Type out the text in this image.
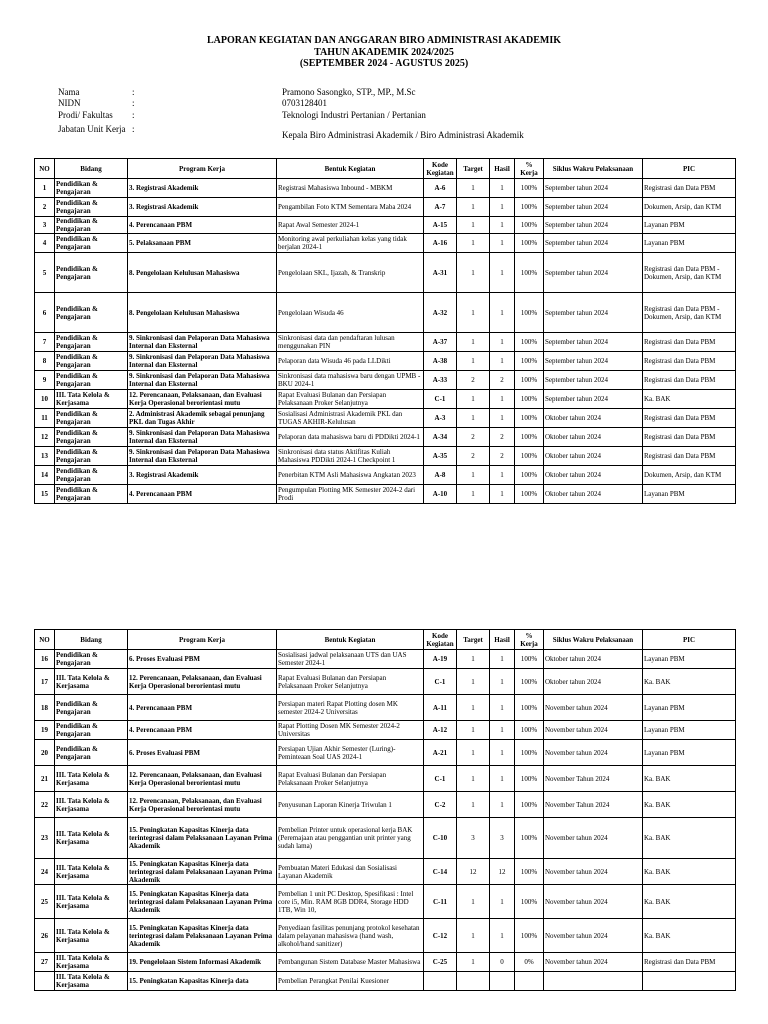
LAPORAN KEGIATAN DAN ANGGARAN BIRO ADMINISTRASI AKADEMIK
TAHUN AKADEMIK 2024/2025
(SEPTEMBER 2024 - AGUSTUS 2025)
Nama	:	Pramono Sasongko, STP., MP., M.Sc
NIDN	:	0703128401
Prodi/ Fakultas	:	Teknologi Industri Pertanian / Pertanian
Jabatan Unit Kerja :
Kepala Biro Administrasi Akademik / Biro Administrasi Akademik
NO	Bidang	Program Kerja	Bentuk Kegiatan	Kode Kegiatan	Target	Hasil	% Kerja	Siklus Wakru Pelaksanaan	PIC
1	Pendidikan & Pengajaran	3. Registrasi Akademik	Registrasi Mahasiswa Inbound - MBKM	A-6	1	1	100%	September tahun 2024	Registrasi dan Data PBM
2	Pendidikan & Pengajaran	3. Registrasi Akademik	Pengambilan Foto KTM Sementara Maba 2024	A-7	1	1	100%	September tahun 2024	Dokumen, Arsip, dan KTM
3	Pendidikan & Pengajaran	4. Perencanaan PBM	Rapat Awal Semester 2024-1	A-15	1	1	100%	September tahun 2024	Layanan PBM
4	Pendidikan & Pengajaran	5. Pelaksanaan PBM	Monitoring awal perkuliahan kelas yang tidak berjalan 2024-1	A-16	1	1	100%	September tahun 2024	Layanan PBM
5	Pendidikan & Pengajaran	8. Pengelolaan Kelulusan Mahasiswa	Pengelolaan SKL, Ijazah, & Transkrip	A-31	1	1	100%	September tahun 2024	Registrasi dan Data PBM - Dokumen, Arsip, dan KTM
6	Pendidikan & Pengajaran	8. Pengelolaan Kelulusan Mahasiswa	Pengelolaan Wisuda 46	A-32	1	1	100%	September tahun 2024	Registrasi dan Data PBM - Dokumen, Arsip, dan KTM
7	Pendidikan & Pengajaran	9. Sinkronisasi dan Pelaporan Data Mahasiswa Internal dan Eksternal	Sinkronisasi data dan pendaftaran lulusan menggunakan PIN	A-37	1	1	100%	September tahun 2024	Registrasi dan Data PBM
8	Pendidikan & Pengajaran	9. Sinkronisasi dan Pelaporan Data Mahasiswa Internal dan Eksternal	Pelaporan data Wisuda 46 pada LLDikti	A-38	1	1	100%	September tahun 2024	Registrasi dan Data PBM
9	Pendidikan & Pengajaran	9. Sinkronisasi dan Pelaporan Data Mahasiswa Internal dan Eksternal	Sinkronisasi data mahasiswa baru dengan UPMB - BKU 2024-1	A-33	2	2	100%	September tahun 2024	Registrasi dan Data PBM
10	III. Tata Kelola & Kerjasama	12. Perencanaan, Pelaksanaan, dan Evaluasi Kerja Operasional berorientasi mutu	Rapat Evaluasi Bulanan dan Persiapan Pelaksanaan Proker Selanjutnya	C-1	1	1	100%	September tahun 2024	Ka. BAK
11	Pendidikan & Pengajaran	2. Administrasi Akademik sebagai penunjang PKL dan Tugas Akhir	Sosialisasi Administrasi Akademik PKL dan TUGAS AKHIR-Kelulusan	A-3	1	1	100%	Oktober tahun 2024	Registrasi dan Data PBM
12	Pendidikan & Pengajaran	9. Sinkronisasi dan Pelaporan Data Mahasiswa Internal dan Eksternal	Pelaporan data mahasiswa baru di PDDikti 2024-1	A-34	2	2	100%	Oktober tahun 2024	Registrasi dan Data PBM
13	Pendidikan & Pengajaran	9. Sinkronisasi dan Pelaporan Data Mahasiswa Internal dan Eksternal	Sinkronisasi data status Aktifitas Kuliah Mahasiswa PDDikti 2024-1 Checkpoint 1	A-35	2	2	100%	Oktober tahun 2024	Registrasi dan Data PBM
14	Pendidikan & Pengajaran	3. Registrasi Akademik	Penerbitan KTM Asli Mahasiswa Angkatan 2023	A-8	1	1	100%	Oktober tahun 2024	Dokumen, Arsip, dan KTM
15	Pendidikan & Pengajaran	4. Perencanaan PBM	Pengumpulan Plotting MK Semester 2024-2 dari Prodi	A-10	1	1	100%	Oktober tahun 2024	Layanan PBM
NO	Bidang	Program Kerja	Bentuk Kegiatan	Kode Kegiatan	Target	Hasil	% Kerja	Siklus Wakru Pelaksanaan	PIC
16	Pendidikan & Pengajaran	6. Proses Evaluasi PBM	Sosialisasi jadwal pelaksanaan UTS dan UAS Semester 2024-1	A-19	1	1	100%	Oktober tahun 2024	Layanan PBM
17	III. Tata Kelola & Kerjasama	12. Perencanaan, Pelaksanaan, dan Evaluasi Kerja Operasional berorientasi mutu	Rapat Evaluasi Bulanan dan Persiapan Pelaksanaan Proker Selanjutnya	C-1	1	1	100%	Oktober tahun 2024	Ka. BAK
18	Pendidikan & Pengajaran	4. Perencanaan PBM	Persiapan materi Rapat Plotting dosen MK semester 2024-2 Universitas	A-11	1	1	100%	November tahun 2024	Layanan PBM
19	Pendidikan & Pengajaran	4. Perencanaan PBM	Rapat Plotting Dosen MK Semester 2024-2 Universitas	A-12	1	1	100%	November tahun 2024	Layanan PBM
20	Pendidikan & Pengajaran	6. Proses Evaluasi PBM	Persiapan Ujian Akhir Semester (Luring)-Peminteaan Soal UAS 2024-1	A-21	1	1	100%	November tahun 2024	Layanan PBM
21	III. Tata Kelola & Kerjasama	12. Perencanaan, Pelaksanaan, dan Evaluasi Kerja Operasional berorientasi mutu	Rapat Evaluasi Bulanan dan Persiapan Pelaksanaan Proker Selanjutnya	C-1	1	1	100%	November Tahun 2024	Ka. BAK
22	III. Tata Kelola & Kerjasama	12. Perencanaan, Pelaksanaan, dan Evaluasi Kerja Operasional berorientasi mutu	Penyusunan Laporan Kinerja Triwulan 1	C-2	1	1	100%	November Tahun 2024	Ka. BAK
23	III. Tata Kelola & Kerjasama	15. Peningkatan Kapasitas Kinerja data terintegrasi dalam Pelaksanaan Layanan Prima Akademik	Pembelian Printer untuk operasional kerja BAK (Peremajaan atau penggantian unit printer yang sudah lama)	C-10	3	3	100%	November tahun 2024	Ka. BAK
24	III. Tata Kelola & Kerjasama	15. Peningkatan Kapasitas Kinerja data terintegrasi dalam Pelaksanaan Layanan Prima Akademik	Pembuatan Materi Edukasi dan Sosialisasi Layanan Akademik	C-14	12	12	100%	November tahun 2024	Ka. BAK
25	III. Tata Kelola & Kerjasama	15. Peningkatan Kapasitas Kinerja data terintegrasi dalam Pelaksanaan Layanan Prima Akademik	Pembelian 1 unit PC Desktop, Spesifikasi : Intel core i5, Min. RAM 8GB DDR4, Storage HDD 1TB, Win 10,	C-11	1	1	100%	November tahun 2024	Ka. BAK
26	III. Tata Kelola & Kerjasama	15. Peningkatan Kapasitas Kinerja data terintegrasi dalam Pelaksanaan Layanan Prima Akademik	Penyediaan fasilitas penunjang protokol kesehatan dalam pelayanan mahasiswa (hand wash, alkohol/hand sanitizer)	C-12	1	1	100%	November tahun 2024	Ka. BAK
27	III. Tata Kelola & Kerjasama	19. Pengelolaan Sistem Informasi Akademik	Pembangunan Sistem Database Master Mahasiswa	C-25	1	0	0%	November tahun 2024	Registrasi dan Data PBM
	III. Tata Kelola & Kerjasama	15. Peningkatan Kapasitas Kinerja data	Pembelian Perangkat Penilai Kuesioner						
